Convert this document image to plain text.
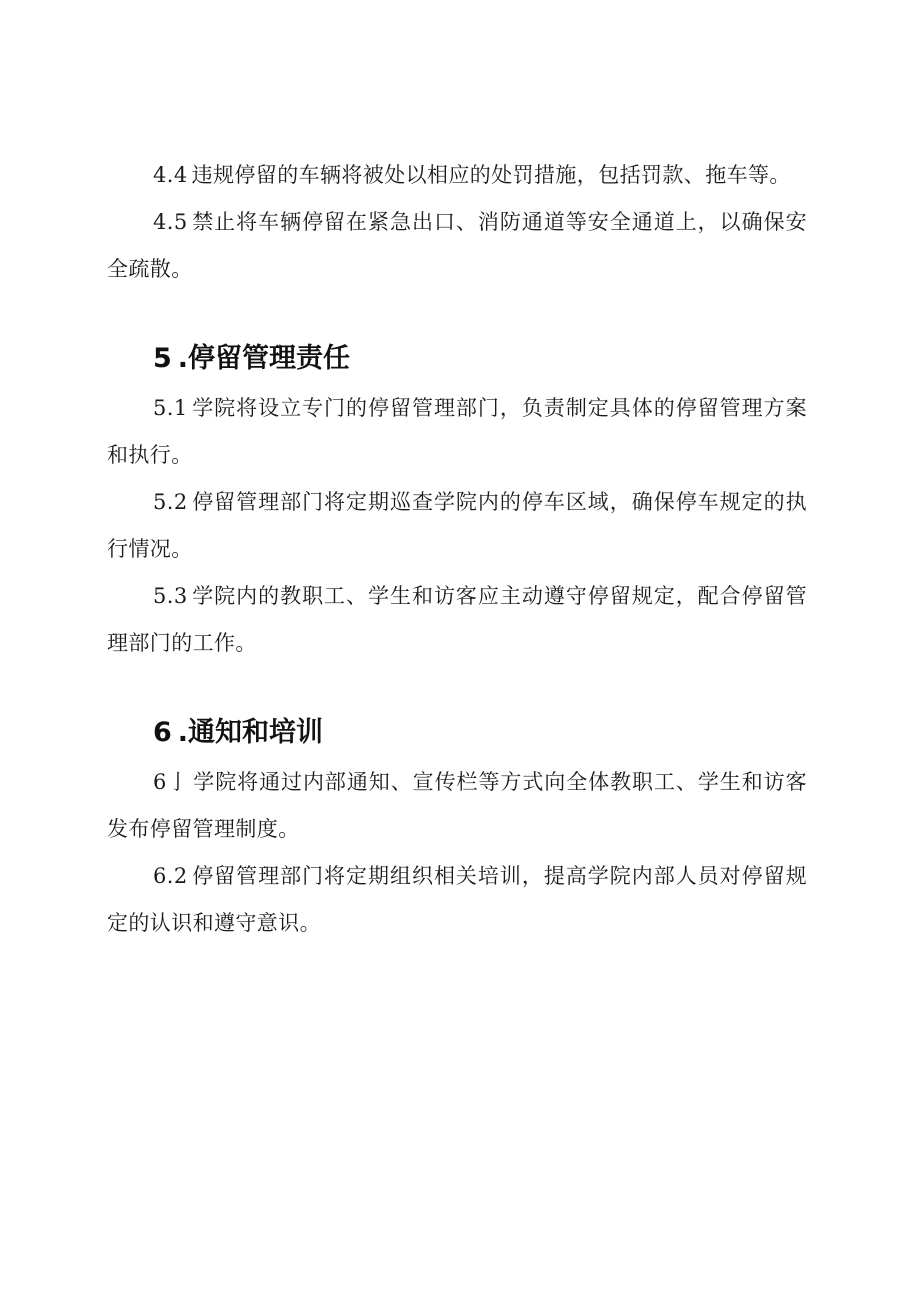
4.4 违规停留的车辆将被处以相应的处罚措施，包括罚款、拖车等。

4.5 禁止将车辆停留在紧急出口、消防通道等安全通道上，以确保安全疏散。

5 .停留管理责任

5.1 学院将设立专门的停留管理部门，负责制定具体的停留管理方案和执行。

5.2 停留管理部门将定期巡查学院内的停车区域，确保停车规定的执行情况。

5.3 学院内的教职工、学生和访客应主动遵守停留规定，配合停留管理部门的工作。

6 .通知和培训

6亅 学院将通过内部通知、宣传栏等方式向全体教职工、学生和访客发布停留管理制度。

6.2 停留管理部门将定期组织相关培训，提高学院内部人员对停留规定的认识和遵守意识。
